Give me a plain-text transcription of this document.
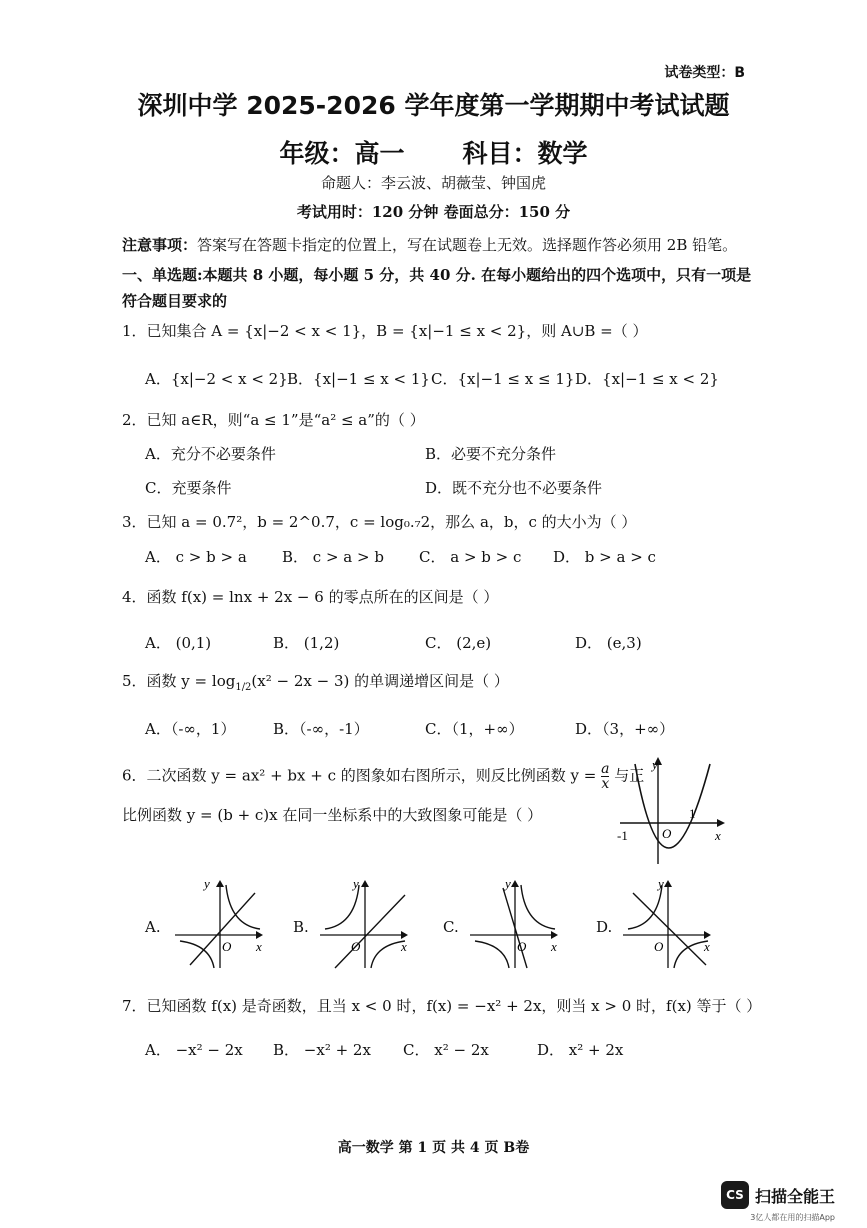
试卷类型：B
深圳中学 2025-2026 学年度第一学期期中考试试题
年级：高一 科目：数学
命题人：李云波、胡薇莹、钟国虎
考试用时：120 分钟 卷面总分：150 分
注意事项：答案写在答题卡指定的位置上，写在试题卷上无效。选择题作答必须用 2B 铅笔。
一、单选题:本题共 8 小题，每小题 5 分，共 40 分. 在每小题给出的四个选项中，只有一项是
符合题目要求的
1．已知集合 A = {x|−2 < x < 1}，B = {x|−1 ≤ x < 2}，则 A∪B =（ ）
A．{x|−2 < x < 2} B．{x|−1 ≤ x < 1} C．{x|−1 ≤ x ≤ 1} D．{x|−1 ≤ x < 2}
2．已知 a∈R，则“a ≤ 1”是“a² ≤ a”的（ ）
A．充分不必要条件	B．必要不充分条件
C．充要条件	D．既不充分也不必要条件
3．已知 a = 0.7²，b = 2^0.7，c = log₀.₇2，那么 a，b，c 的大小为（ ）
A． c > b > a B． c > a > b C． a > b > c D． b > a > c
4．函数 f(x) = lnx + 2x − 6 的零点所在的区间是（ ）
A． (0,1)	B． (1,2)	C． (2,e)	D． (e,3)
5．函数 $y = \log_{1/2}(x^2 - 2x - 3)$ 的单调递增区间是（ ）
A．（-∞，1）	B．（-∞，-1）	C．（1，+∞）	D．（3，+∞）
6．二次函数 y = ax² + bx + c 的图象如右图所示，则反比例函数 $y = \frac{a}{x}$ 与正
比例函数 y = (b + c)x 在同一坐标系中的大致图象可能是（ ）
y
x
O
-1
1
A.
y
x
O
B.
y
x
O
C.
y
x
O
D.
y
x
O
7．已知函数 f(x) 是奇函数，且当 x < 0 时，f(x) = −x² + 2x，则当 x > 0 时，f(x) 等于（ ）
A． −x² − 2x B． −x² + 2x C． x² − 2x	D． x² + 2x
高一数学 第 1 页 共 4 页 B卷
CS 扫描全能王
3亿人都在用的扫描App
